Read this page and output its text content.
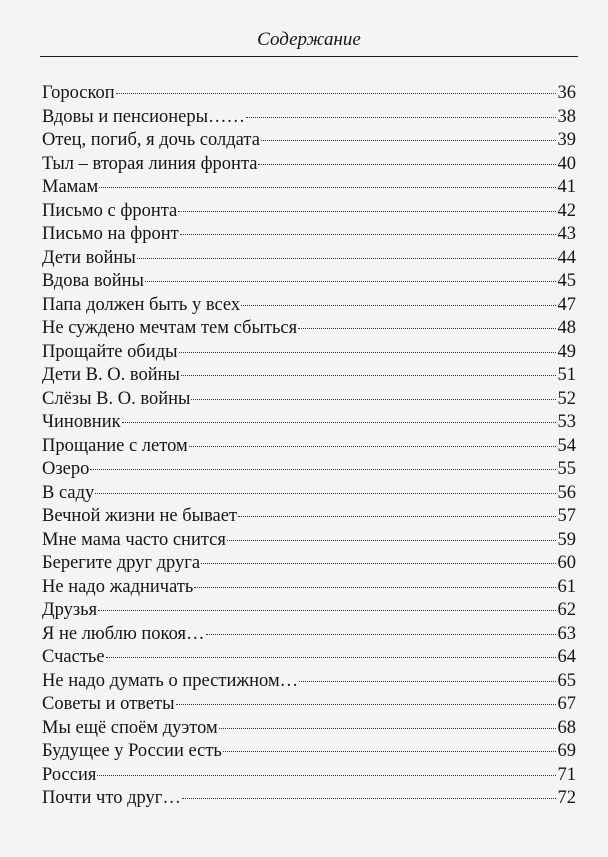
Содержание
Гороскоп	36
Вдовы и пенсионеры……	38
Отец, погиб, я дочь солдата	39
Тыл – вторая линия фронта	40
Мамам	41
Письмо с фронта	42
Письмо на фронт	43
Дети войны	44
Вдова войны	45
Папа должен быть у всех	47
Не суждено мечтам тем сбыться	48
Прощайте обиды	49
Дети В. О. войны	51
Слёзы В. О. войны	52
Чиновник	53
Прощание с летом	54
Озеро	55
В саду	56
Вечной жизни не бывает	57
Мне мама часто снится	59
Берегите друг друга	60
Не надо жадничать	61
Друзья	62
Я не люблю покоя…	63
Счастье	64
Не надо думать о престижном…	65
Советы и ответы	67
Мы ещё споём дуэтом	68
Будущее у России есть	69
Россия	71
Почти что друг…	72
